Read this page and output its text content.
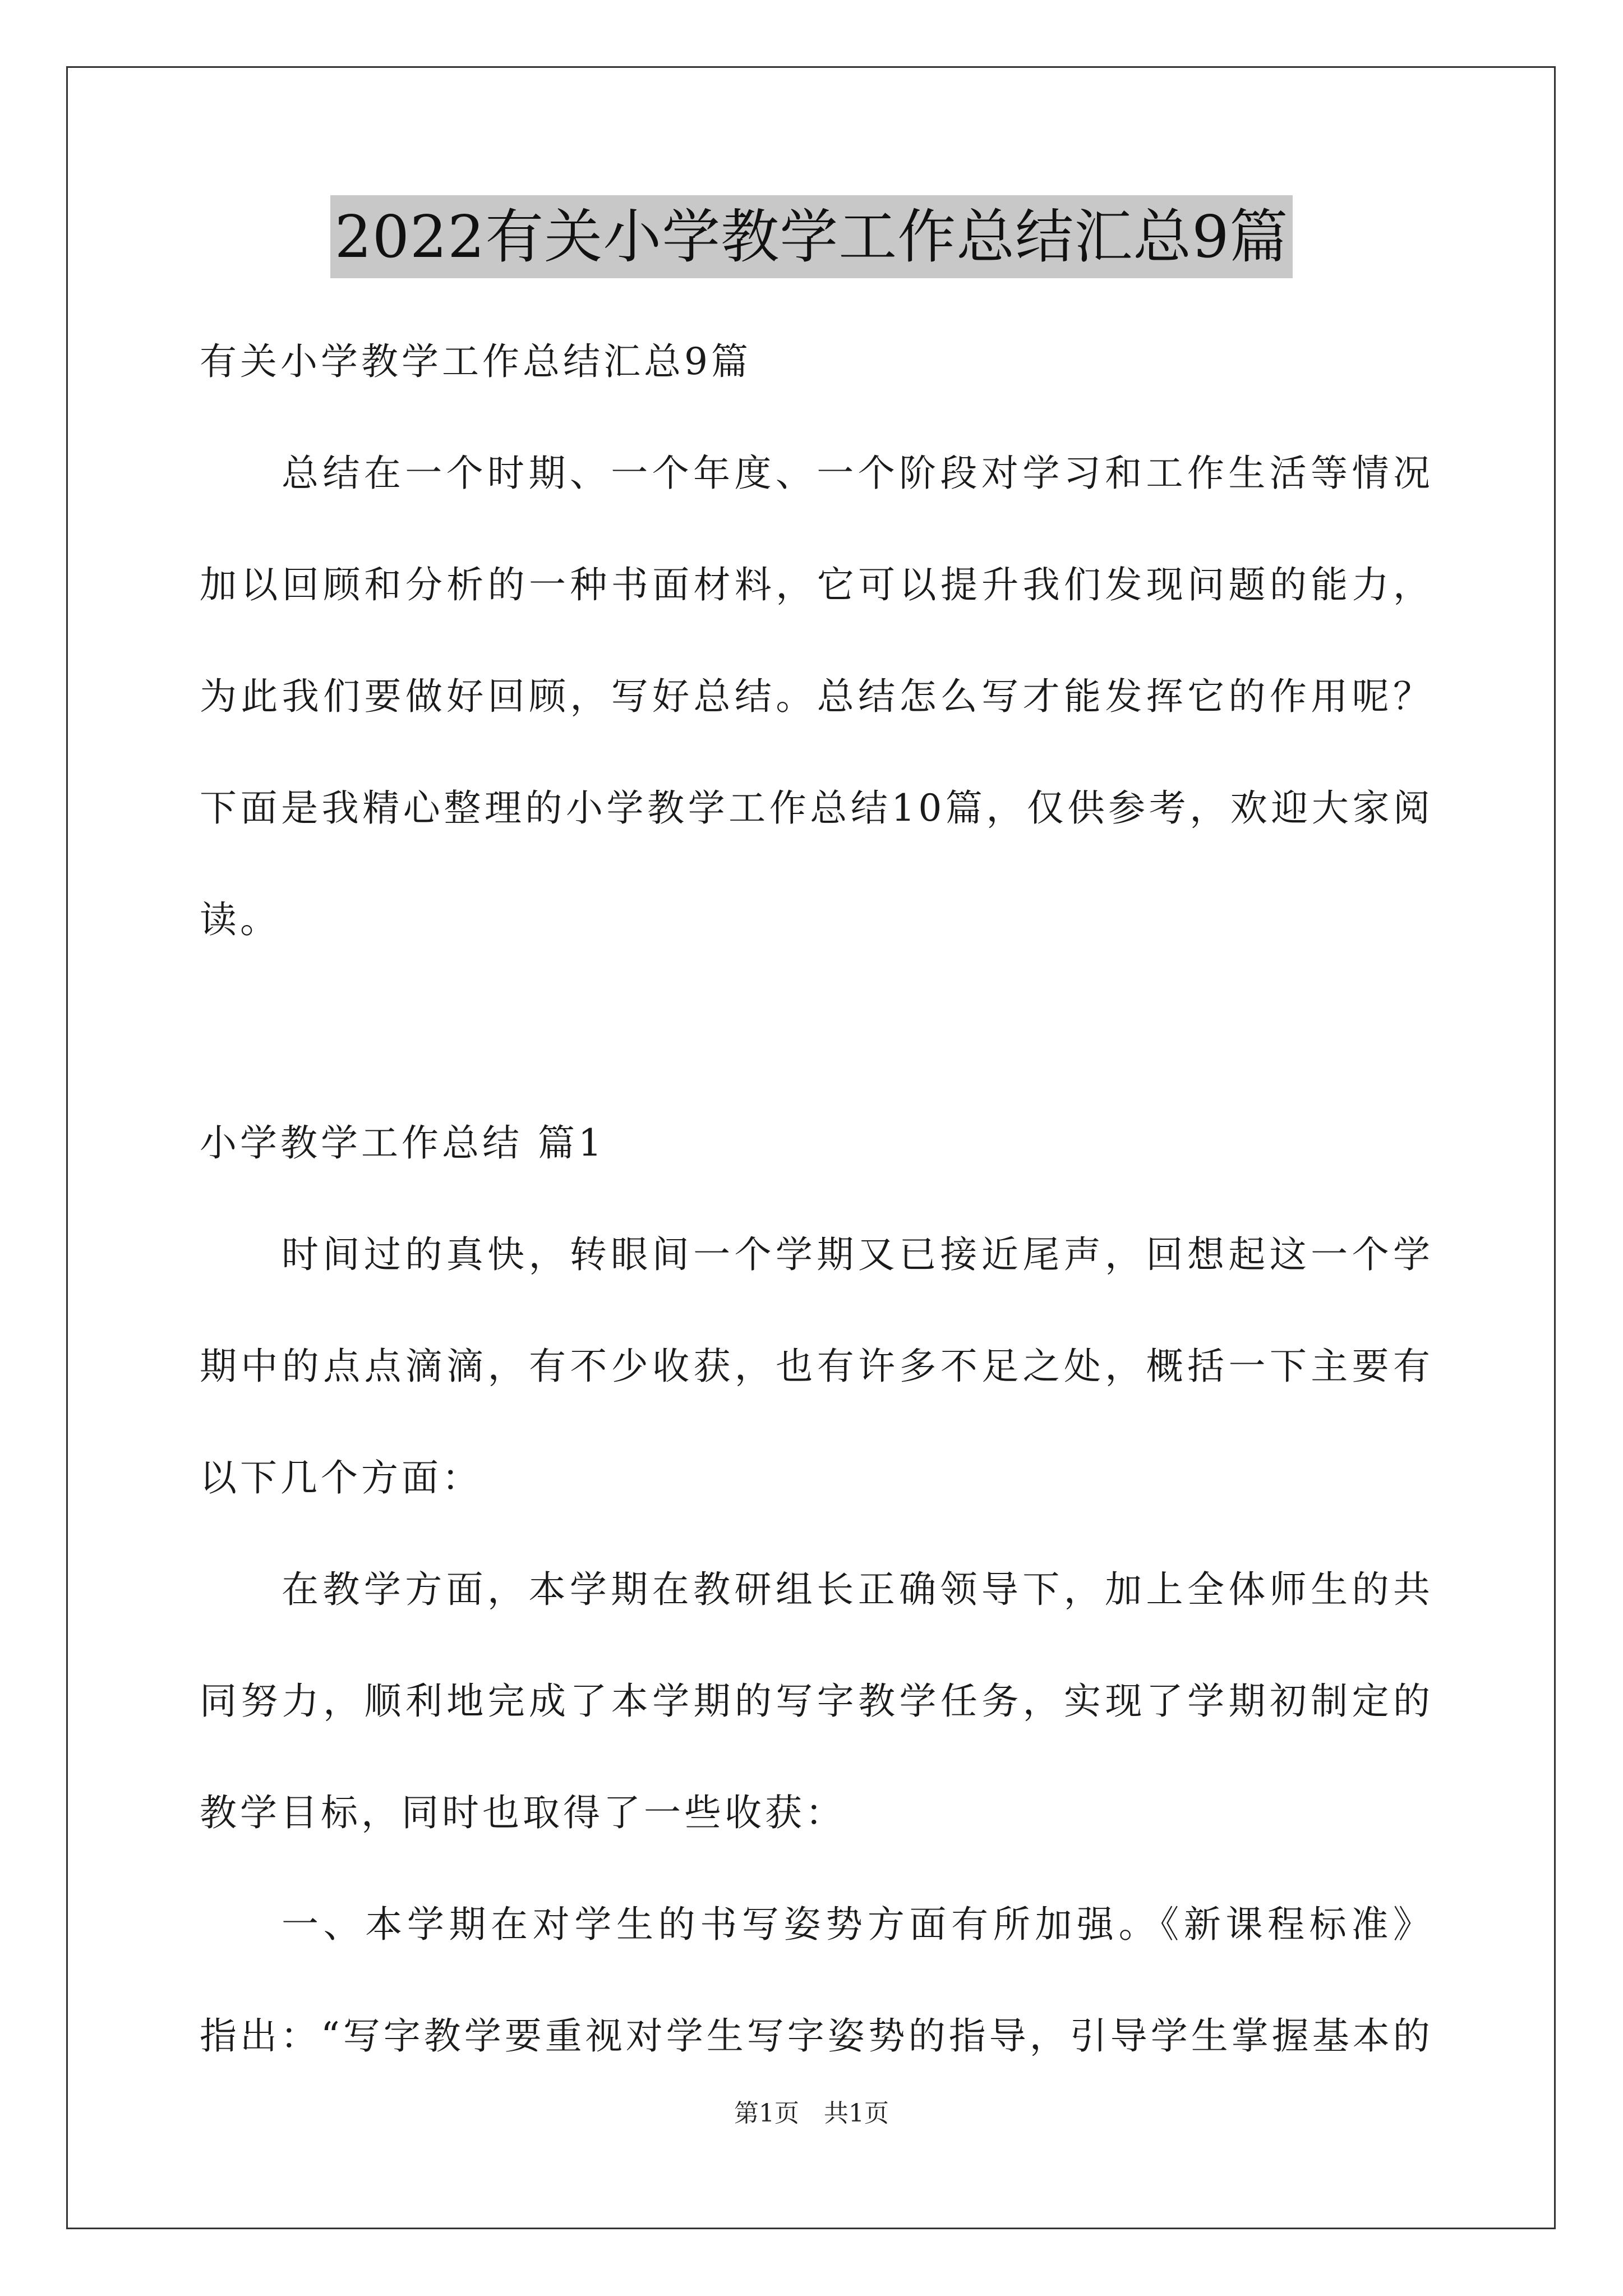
2022有关小学教学工作总结汇总9篇

有关小学教学工作总结汇总9篇

总结在一个时期、一个年度、一个阶段对学习和工作生活等情况加以回顾和分析的一种书面材料，它可以提升我们发现问题的能力，为此我们要做好回顾，写好总结。总结怎么写才能发挥它的作用呢？下面是我精心整理的小学教学工作总结10篇，仅供参考，欢迎大家阅读。

小学教学工作总结 篇1

时间过的真快，转眼间一个学期又已接近尾声，回想起这一个学期中的点点滴滴，有不少收获，也有许多不足之处，概括一下主要有以下几个方面：

在教学方面，本学期在教研组长正确领导下，加上全体师生的共同努力，顺利地完成了本学期的写字教学任务，实现了学期初制定的教学目标，同时也取得了一些收获：

一、本学期在对学生的书写姿势方面有所加强。《新课程标准》指出：“写字教学要重视对学生写字姿势的指导，引导学生掌握基本的

第1页 共1页
